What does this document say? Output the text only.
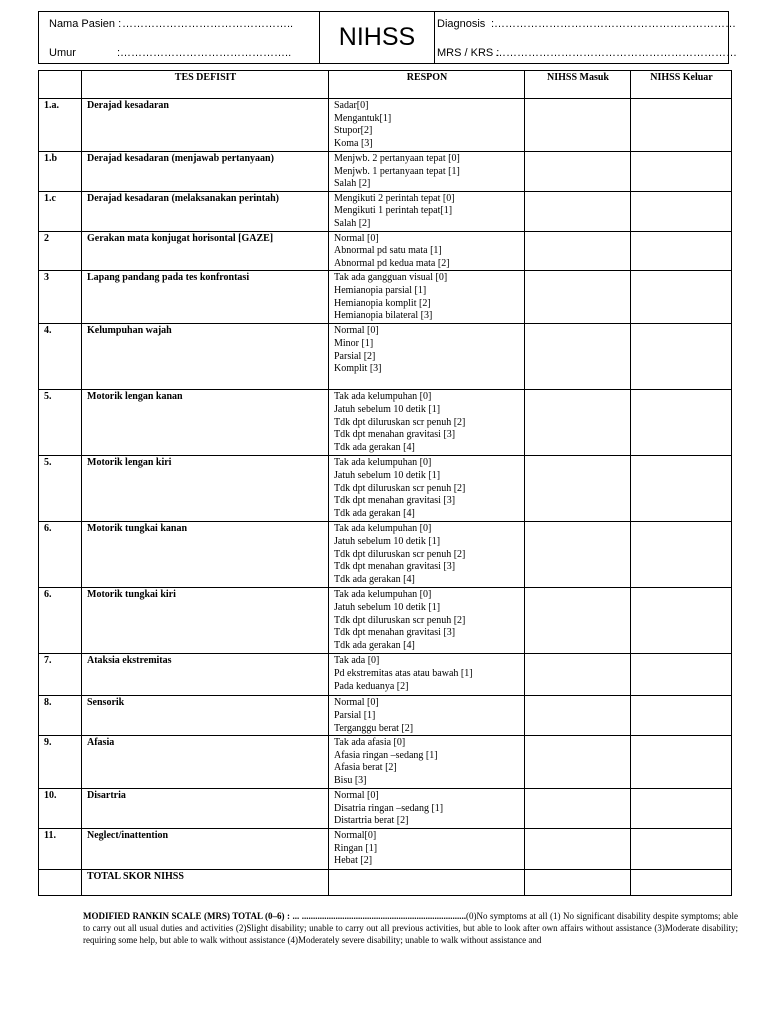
Nama Pasien : ………………………………………..
Umur	:………………………………………..
NIHSS	Diagnosis :…………………………………………………………
MRS / KRS :
…………………………………………………………
	TES DEFISIT	RESPON	NIHSS Masuk	NIHSS Keluar
1.a.	Derajad kesadaran	Sadar[0]
Mengantuk[1]
Stupor[2]
Koma [3]		

1.b	Derajad kesadaran (menjawab pertanyaan)	Menjwb. 2 pertanyaan tepat [0]
Menjwb. 1 pertanyaan tepat [1]
Salah [2]		

1.c	Derajad kesadaran (melaksanakan perintah)	Mengikuti 2 perintah tepat [0]
Mengikuti 1 perintah tepat[1]
Salah [2]		

2	Gerakan mata konjugat horisontal [GAZE]	Normal [0]
Abnormal pd satu mata [1]
Abnormal pd kedua mata [2]		

3	Lapang pandang pada tes konfrontasi	Tak ada gangguan visual [0]
Hemianopia parsial [1]
Hemianopia komplit [2]
Hemianopia bilateral [3]		

4.	Kelumpuhan wajah	Normal [0]
Minor [1]
Parsial [2]
Komplit [3]		

5.	Motorik lengan kanan	Tak ada kelumpuhan [0]
Jatuh sebelum 10 detik [1]
Tdk dpt diluruskan scr penuh [2]
Tdk dpt menahan gravitasi [3]
Tdk ada gerakan [4]		

5.	Motorik lengan kiri	Tak ada kelumpuhan [0]
Jatuh sebelum 10 detik [1]
Tdk dpt diluruskan scr penuh [2]
Tdk dpt menahan gravitasi [3]
Tdk ada gerakan [4]		

6.	Motorik tungkai kanan	Tak ada kelumpuhan [0]
Jatuh sebelum 10 detik [1]
Tdk dpt diluruskan scr penuh [2]
Tdk dpt menahan gravitasi [3]
Tdk ada gerakan [4]		

6.	Motorik tungkai kiri	Tak ada kelumpuhan [0]
Jatuh sebelum 10 detik [1]
Tdk dpt diluruskan scr penuh [2]
Tdk dpt menahan gravitasi [3]
Tdk ada gerakan [4]		

7.	Ataksia ekstremitas	Tak ada [0]
Pd ekstremitas atas atau bawah [1]
Pada keduanya [2]		

8.	Sensorik	Normal [0]
Parsial [1]
Terganggu berat [2]		

9.	Afasia	Tak ada afasia [0]
Afasia ringan –sedang [1]
Afasia berat [2]
Bisu [3]		

10.	Disartria	Normal [0]
Disatria ringan –sedang [1]
Distartria berat [2]		

11.	Neglect/inattention	Normal[0]
Ringan [1]
Hebat [2]		

	TOTAL SKOR NIHSS			
MODIFIED RANKIN SCALE (MRS) TOTAL (0–6) : ... .........................................................................(0)No symptoms at all (1) No significant disability despite symptoms; able to carry out all usual duties and activities (2)Slight disability; unable to carry out all previous activities, but able to look after own affairs without assistance (3)Moderate disability; requiring some help, but able to walk without assistance (4)Moderately severe disability; unable to walk without assistance and
